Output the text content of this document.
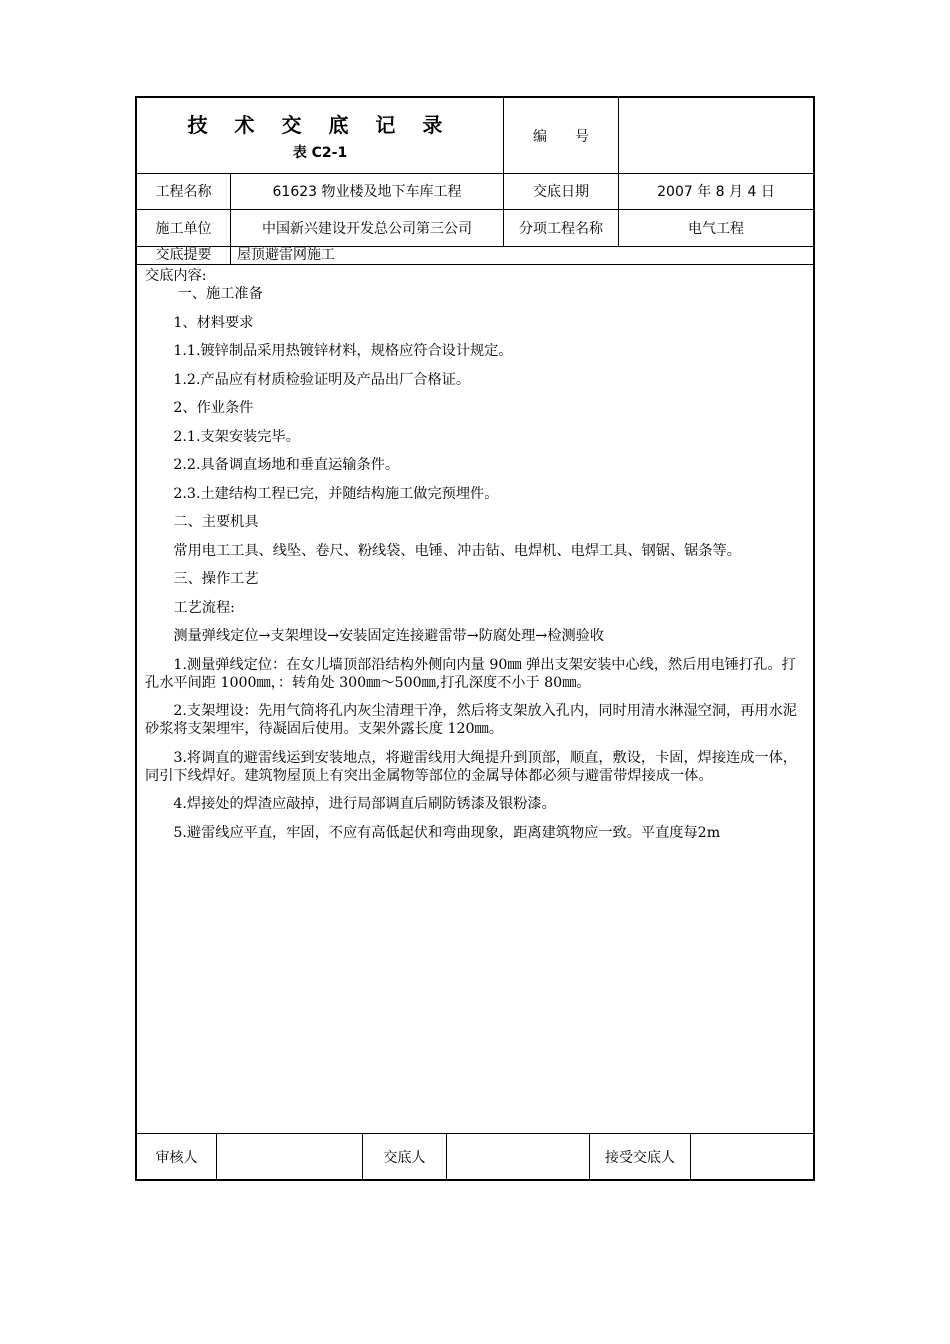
技 术 交 底 记 录
表 C2-1
编　　号
工程名称	61623 物业楼及地下车库工程	交底日期	2007 年 8 月 4 日
施工单位	中国新兴建设开发总公司第三公司	分项工程名称	电气工程
交底提要	屋顶避雷网施工

交底内容:

一、施工准备

1、材料要求

1.1.镀锌制品采用热镀锌材料，规格应符合设计规定。

1.2.产品应有材质检验证明及产品出厂合格证。

2、作业条件

2.1.支架安装完毕。

2.2.具备调直场地和垂直运输条件。

2.3.土建结构工程已完，并随结构施工做完预埋件。

二、主要机具

常用电工工具、线坠、卷尺、粉线袋、电锤、冲击钻、电焊机、电焊工具、钢锯、锯条等。

三、操作工艺

工艺流程:

测量弹线定位→支架埋设→安装固定连接避雷带→防腐处理→检测验收

1.测量弹线定位：在女儿墙顶部沿结构外侧向内量 90㎜ 弹出支架安装中心线，然后用电锤打孔。打孔水平间距 1000㎜，：转角处 300㎜～500㎜,打孔深度不小于 80㎜。

2.支架埋设：先用气筒将孔内灰尘清理干净，然后将支架放入孔内，同时用清水淋湿空洞，再用水泥砂浆将支架埋牢，待凝固后使用。支架外露长度 120㎜。

3.将调直的避雷线运到安装地点，将避雷线用大绳提升到顶部，顺直，敷设，卡固，焊接连成一体，同引下线焊好。建筑物屋顶上有突出金属物等部位的金属导体都必须与避雷带焊接成一体。

4.焊接处的焊渣应敲掉，进行局部调直后刷防锈漆及银粉漆。

5.避雷线应平直，牢固，不应有高低起伏和弯曲现象，距离建筑物应一致。平直度每2m

审核人	交底人	接受交底人
